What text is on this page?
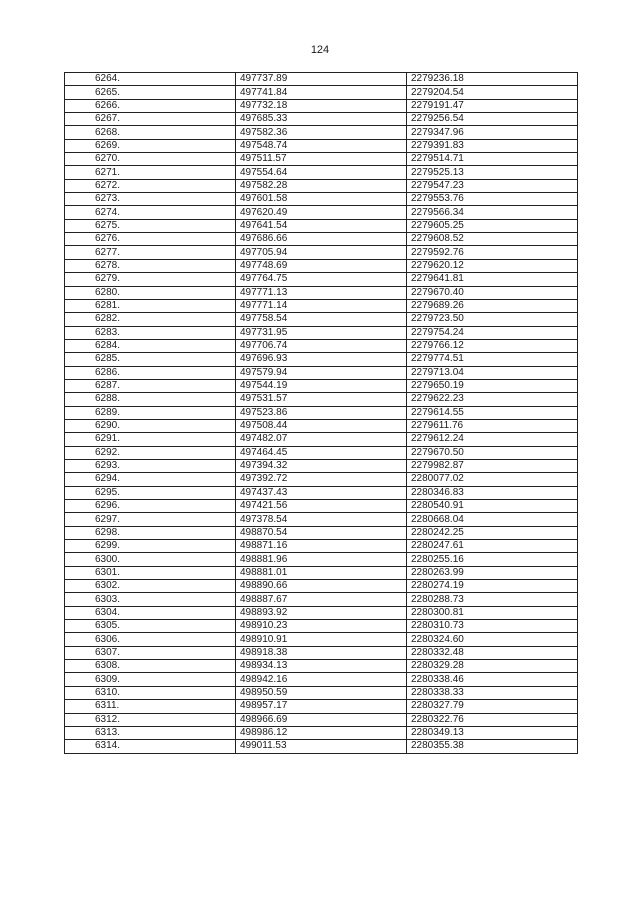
124
6264.	497737.89	2279236.18
6265.	497741.84	2279204.54
6266.	497732.18	2279191.47
6267.	497685.33	2279256.54
6268.	497582.36	2279347.96
6269.	497548.74	2279391.83
6270.	497511.57	2279514.71
6271.	497554.64	2279525.13
6272.	497582.28	2279547.23
6273.	497601.58	2279553.76
6274.	497620.49	2279566.34
6275.	497641.54	2279605.25
6276.	497686.66	2279608.52
6277.	497705.94	2279592.76
6278.	497748.69	2279620.12
6279.	497764.75	2279641.81
6280.	497771.13	2279670.40
6281.	497771.14	2279689.26
6282.	497758.54	2279723.50
6283.	497731.95	2279754.24
6284.	497706.74	2279766.12
6285.	497696.93	2279774.51
6286.	497579.94	2279713.04
6287.	497544.19	2279650.19
6288.	497531.57	2279622.23
6289.	497523.86	2279614.55
6290.	497508.44	2279611.76
6291.	497482.07	2279612.24
6292.	497464.45	2279670.50
6293.	497394.32	2279982.87
6294.	497392.72	2280077.02
6295.	497437.43	2280346.83
6296.	497421.56	2280540.91
6297.	497378.54	2280668.04
6298.	498870.54	2280242.25
6299.	498871.16	2280247.61
6300.	498881.96	2280255.16
6301.	498881.01	2280263.99
6302.	498890.66	2280274.19
6303.	498887.67	2280288.73
6304.	498893.92	2280300.81
6305.	498910.23	2280310.73
6306.	498910.91	2280324.60
6307.	498918.38	2280332.48
6308.	498934.13	2280329.28
6309.	498942.16	2280338.46
6310.	498950.59	2280338.33
6311.	498957.17	2280327.79
6312.	498966.69	2280322.76
6313.	498986.12	2280349.13
6314.	499011.53	2280355.38
